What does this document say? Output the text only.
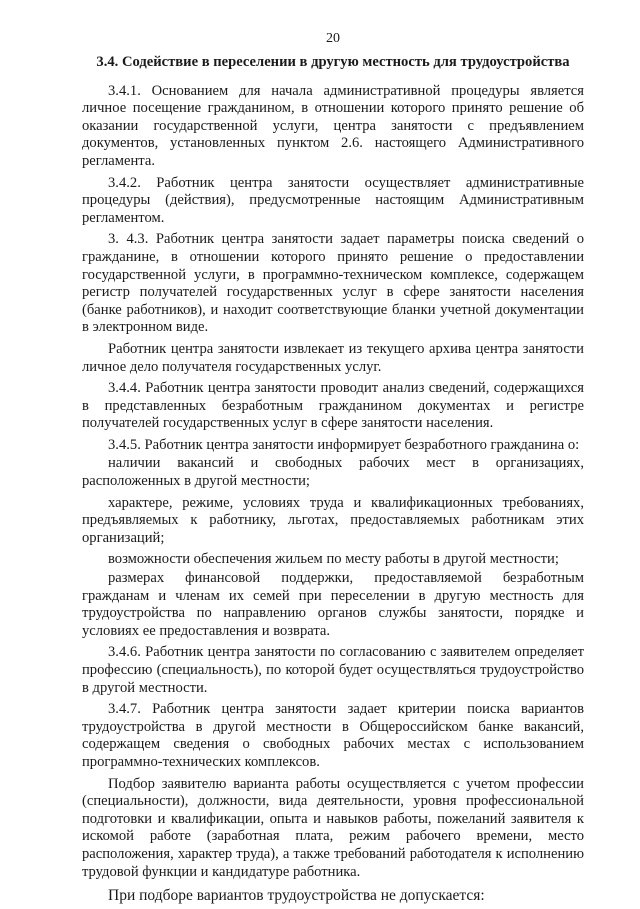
20
3.4. Содействие в переселении в другую местность для трудоустройства

3.4.1. Основанием для начала административной процедуры является личное посещение гражданином, в отношении которого принято решение об оказании государственной услуги, центра занятости с предъявлением документов, установленных пунктом 2.6. настоящего Административного регламента.

3.4.2. Работник центра занятости осуществляет административные процедуры (действия), предусмотренные настоящим Административным регламентом.

3. 4.3. Работник центра занятости задает параметры поиска сведений о гражданине, в отношении которого принято решение о предоставлении государственной услуги, в программно-техническом комплексе, содержащем регистр получателей государственных услуг в сфере занятости населения (банке работников), и находит соответствующие бланки учетной документации в электронном виде.

Работник центра занятости извлекает из текущего архива центра занятости личное дело получателя государственных услуг.

3.4.4. Работник центра занятости проводит анализ сведений, содержащихся в представленных безработным гражданином документах и регистре получателей государственных услуг в сфере занятости населения.

3.4.5. Работник центра занятости информирует безработного гражданина о:

наличии вакансий и свободных рабочих мест в организациях, расположенных в другой местности;

характере, режиме, условиях труда и квалификационных требованиях, предъявляемых к работнику, льготах, предоставляемых работникам этих организаций;

возможности обеспечения жильем по месту работы в другой местности;

размерах финансовой поддержки, предоставляемой безработным гражданам и членам их семей при переселении в другую местность для трудоустройства по направлению органов службы занятости, порядке и условиях ее предоставления и возврата.

3.4.6. Работник центра занятости по согласованию с заявителем определяет профессию (специальность), по которой будет осуществляться трудоустройство в другой местности.

3.4.7. Работник центра занятости задает критерии поиска вариантов трудоустройства в другой местности в Общероссийском банке вакансий, содержащем сведения о свободных рабочих местах с использованием программно-технических комплексов.

Подбор заявителю варианта работы осуществляется с учетом профессии (специальности), должности, вида деятельности, уровня профессиональной подготовки и квалификации, опыта и навыков работы, пожеланий заявителя к искомой работе (заработная плата, режим рабочего времени, место расположения, характер труда), а также требований работодателя к исполнению трудовой функции и кандидатуре работника.

При подборе вариантов трудоустройства не допускается:
